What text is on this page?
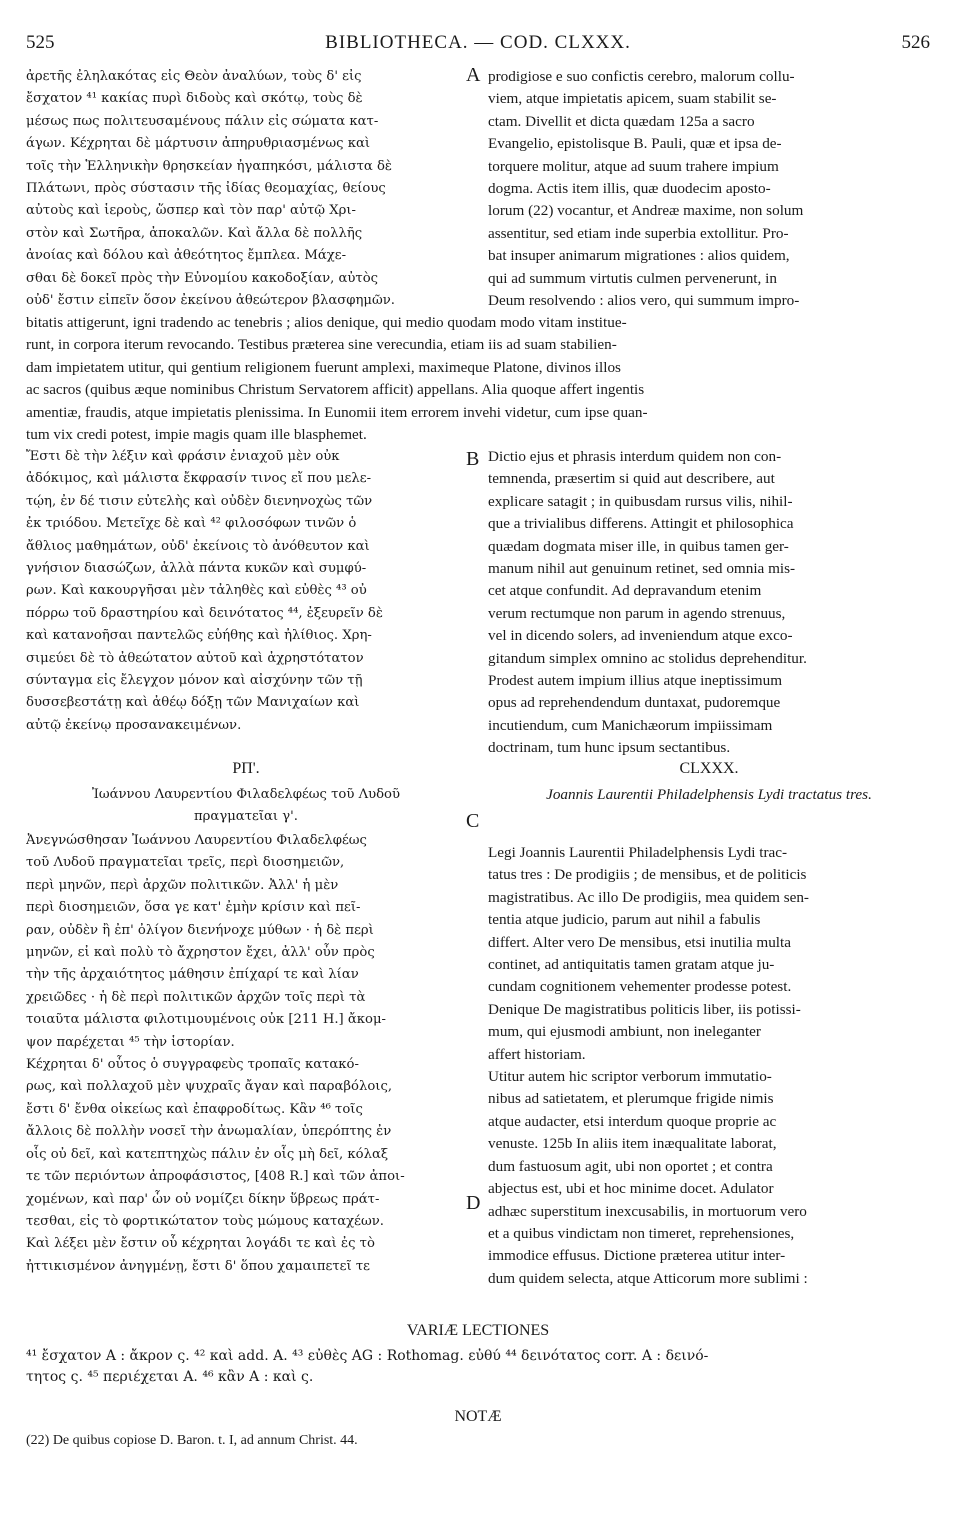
525	BIBLIOTHECA. — COD. CLXXX.	526
ἀρετῆς ἐληλακότας εἰς Θεὸν ἀναλύων, τοὺς δ' εἰς
ἔσχατον ⁴¹ κακίας πυρὶ διδοὺς καὶ σκότῳ, τοὺς δὲ
μέσως πως πολιτευσαμένους πάλιν εἰς σώματα κατ-
άγων. Κέχρηται δὲ μάρτυσιν ἀπηρυθριασμένως καὶ
τοῖς τὴν Ἑλληνικὴν θρησκείαν ἠγαπηκόσι, μάλιστα δὲ
Πλάτωνι, πρὸς σύστασιν τῆς ἰδίας θεομαχίας, θείους
αὐτοὺς καὶ ἱεροὺς, ὥσπερ καὶ τὸν παρ' αὐτῷ Χρι-
στὸν καὶ Σωτῆρα, ἀποκαλῶν. Καὶ ἄλλα δὲ πολλῆς
ἀνοίας καὶ δόλου καὶ ἀθεότητος ἔμπλεα. Μάχε-
σθαι δὲ δοκεῖ πρὸς τὴν Εὐνομίου κακοδοξίαν, αὐτὸς
οὐδ' ἔστιν εἰπεῖν ὅσον ἐκείνου ἀθεώτερον βλασφημῶν.
A prodigiose e suo confictis cerebro, malorum collu-
viem, atque impietatis apicem, suam stabilit se-
ctam. Divellit et dicta quædam 125a a sacro
Evangelio, epistolisque B. Pauli, quæ et ipsa de-
torquere molitur, atque ad suum trahere impium
dogma. Actis item illis, quæ duodecim aposto-
lorum (22) vocantur, et Andreæ maxime, non solum
assentitur, sed etiam inde superbia extollitur. Pro-
bat insuper animarum migrationes : alios quidem,
qui ad summum virtutis culmen pervenerunt, in
Deum resolvendo : alios vero, qui summum impro-
bitatis attigerunt, igni tradendo ac tenebris ; alios denique, qui medio quodam modo vitam institue-
runt, in corpora iterum revocando. Testibus præterea sine verecundia, etiam iis ad suam stabilien-
dam impietatem utitur, qui gentium religionem fuerunt amplexi, maximeque Platone, divinos illos
ac sacros (quibus æque nominibus Christum Servatorem afficit) appellans. Alia quoque affert ingentis
amentiæ, fraudis, atque impietatis plenissima. In Eunomii item errorem invehi videtur, cum ipse quan-
tum vix credi potest, impie magis quam ille blasphemet.
Ἔστι δὲ τὴν λέξιν καὶ φράσιν ἐνιαχοῦ μὲν οὐκ
ἀδόκιμος, καὶ μάλιστα ἔκφρασίν τινος εἴ που μελε-
τῴη, ἐν δέ τισιν εὐτελὴς καὶ οὐδὲν διενηνοχὼς τῶν
ἐκ τριόδου. Μετεῖχε δὲ καὶ ⁴² φιλοσόφων τινῶν ὁ
ἄθλιος μαθημάτων, οὐδ' ἐκείνοις τὸ ἀνόθευτον καὶ
γνήσιον διασώζων, ἀλλὰ πάντα κυκῶν καὶ συμφύ-
ρων. Καὶ κακουργῆσαι μὲν τἀληθὲς καὶ εὐθὲς ⁴³ οὐ
πόρρω τοῦ δραστηρίου καὶ δεινότατος ⁴⁴, ἐξευρεῖν δὲ
καὶ κατανοῆσαι παντελῶς εὐήθης καὶ ἠλίθιος. Χρη-
σιμεύει δὲ τὸ ἀθεώτατον αὐτοῦ καὶ ἀχρηστότατον
σύνταγμα εἰς ἔλεγχον μόνον καὶ αἰσχύνην τῶν τῇ
δυσσεβεστάτῃ καὶ ἀθέῳ δόξῃ τῶν Μανιχαίων καὶ
αὐτῷ ἐκείνῳ προσανακειμένων.
B Dictio ejus et phrasis interdum quidem non con-
temnenda, præsertim si quid aut describere, aut
explicare satagit ; in quibusdam rursus vilis, nihil-
que a trivialibus differens. Attingit et philosophica
quædam dogmata miser ille, in quibus tamen ger-
manum nihil aut genuinum retinet, sed omnia mis-
cet atque confundit. Ad depravandum etenim
verum rectumque non parum in agendo strenuus,
vel in dicendo solers, ad inveniendum atque exco-
gitandum simplex omnino ac stolidus deprehenditur.
Prodest autem impium illius atque ineptissimum
opus ad reprehendendum duntaxat, pudoremque
incutiendum, cum Manichæorum impiissimam
doctrinam, tum hunc ipsum sectantibus.
ΡΠ'.	CLXXX.
Ἰωάννου Λαυρεντίου Φιλαδελφέως τοῦ Λυδοῦ
πραγματεῖαι γ'.	C
Joannis Laurentii Philadelphensis Lydi tractatus tres.
Ἀνεγνώσθησαν Ἰωάννου Λαυρεντίου Φιλαδελφέως
τοῦ Λυδοῦ πραγματεῖαι τρεῖς, περὶ διοσημειῶν,
περὶ μηνῶν, περὶ ἀρχῶν πολιτικῶν. Ἀλλ' ἡ μὲν
περὶ διοσημειῶν, ὅσα γε κατ' ἐμὴν κρίσιν καὶ πεῖ-
ραν, οὐδὲν ἢ ἐπ' ὀλίγον διενήνοχε μύθων · ἡ δὲ περὶ
μηνῶν, εἰ καὶ πολὺ τὸ ἄχρηστον ἔχει, ἀλλ' οὖν πρὸς
τὴν τῆς ἀρχαιότητος μάθησιν ἐπίχαρί τε καὶ λίαν
χρειῶδες · ἡ δὲ περὶ πολιτικῶν ἀρχῶν τοῖς περὶ τὰ
τοιαῦτα μάλιστα φιλοτιμουμένοις οὐκ [211 H.] ἄκομ-
ψον παρέχεται ⁴⁵ τὴν ἱστορίαν.
Κέχρηται δ' οὗτος ὁ συγγραφεὺς τροπαῖς κατακό-
ρως, καὶ πολλαχοῦ μὲν ψυχραῖς ἄγαν καὶ παραβόλοις,
ἔστι δ' ἔνθα οἰκείως καὶ ἐπαφροδίτως. Κἂν ⁴⁶ τοῖς
ἄλλοις δὲ πολλὴν νοσεῖ τὴν ἀνωμαλίαν, ὑπερόπτης ἐν
οἷς οὐ δεῖ, καὶ κατεπτηχὼς πάλιν ἐν οἷς μὴ δεῖ, κόλαξ
τε τῶν περιόντων ἀπροφάσιστος, [408 R.] καὶ τῶν ἀποι-
χομένων, καὶ παρ' ὧν οὐ νομίζει δίκην ὕβρεως πράτ-
τεσθαι, εἰς τὸ φορτικώτατον τοὺς μώμους καταχέων.
Καὶ λέξει μὲν ἔστιν οὗ κέχρηται λογάδι τε καὶ ἐς τὸ
ἠττικισμένον ἀνηγμένῃ, ἔστι δ' ὅπου χαμαιπετεῖ τε
D
Legi Joannis Laurentii Philadelphensis Lydi trac-
tatus tres : De prodigiis ; de mensibus, et de politicis
magistratibus. Ac illo De prodigiis, mea quidem sen-
tentia atque judicio, parum aut nihil a fabulis
differt. Alter vero De mensibus, etsi inutilia multa
continet, ad antiquitatis tamen gratam atque ju-
cundam cognitionem vehementer prodesse potest.
Denique De magistratibus politicis liber, iis potissi-
mum, qui ejusmodi ambiunt, non ineleganter
affert historiam.
Utitur autem hic scriptor verborum immutatio-
nibus ad satietatem, et plerumque frigide nimis
atque audacter, etsi interdum quoque proprie ac
venuste. 125b In aliis item inæqualitate laborat,
dum fastuosum agit, ubi non oportet ; et contra
abjectus est, ubi et hoc minime docet. Adulator
adhæc superstitum inexcusabilis, in mortuorum vero
et a quibus vindictam non timeret, reprehensiones,
immodice effusus. Dictione præterea utitur inter-
dum quidem selecta, atque Atticorum more sublimi :
VARIÆ LECTIONES
⁴¹ ἔσχατον A : ἄκρον ς. ⁴² καὶ add. A. ⁴³ εὐθὲς AG : Rothomag. εὐθύ ⁴⁴ δεινότατος corr. A : δεινό-
τητος ς. ⁴⁵ περιέχεται A. ⁴⁶ κἂν A : καὶ ς.
NOTÆ
(22) De quibus copiose D. Baron. t. I, ad annum Christ. 44.
